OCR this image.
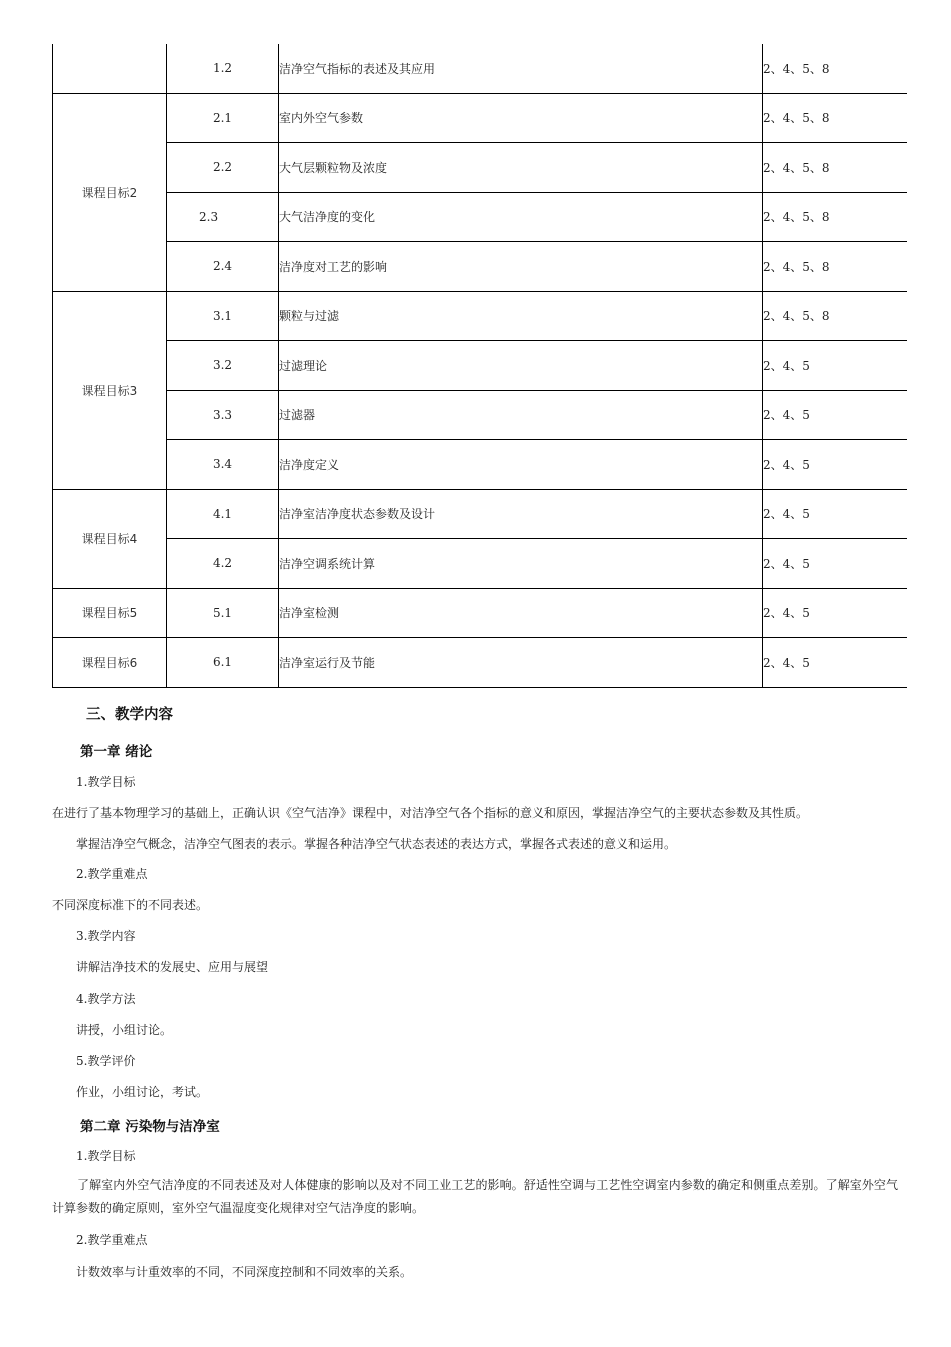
	1.2	洁净空气指标的表述及其应用	2、4、5、8
课程目标2	2.1	室内外空气参数	2、4、5、8
	2.2	大气层颗粒物及浓度	2、4、5、8
	2.3	大气洁净度的变化	2、4、5、8
	2.4	洁净度对工艺的影响	2、4、5、8
课程目标3	3.1	颗粒与过滤	2、4、5、8
	3.2	过滤理论	2、4、5
	3.3	过滤器	2、4、5
	3.4	洁净度定义	2、4、5
课程目标4	4.1	洁净室洁净度状态参数及设计	2、4、5
	4.2	洁净空调系统计算	2、4、5
课程目标5	5.1	洁净室检测	2、4、5
课程目标6	6.1	洁净室运行及节能	2、4、5
三、教学内容
第一章 绪论
1.教学目标
在进行了基本物理学习的基础上，正确认识《空气洁净》课程中，对洁净空气各个指标的意义和原因，掌握洁净空气的主要状态参数及其性质。
掌握洁净空气概念，洁净空气图表的表示。掌握各种洁净空气状态表述的表达方式，掌握各式表述的意义和运用。
2.教学重难点
不同深度标准下的不同表述。
3.教学内容
讲解洁净技术的发展史、应用与展望
4.教学方法
讲授，小组讨论。
5.教学评价
作业，小组讨论，考试。
第二章 污染物与洁净室
1.教学目标
了解室内外空气洁净度的不同表述及对人体健康的影响以及对不同工业工艺的影响。舒适性空调与工艺性空调室内参数的确定和侧重点差别。了解室外空气计算参数的确定原则，室外空气温湿度变化规律对空气洁净度的影响。
2.教学重难点
计数效率与计重效率的不同，不同深度控制和不同效率的关系。
